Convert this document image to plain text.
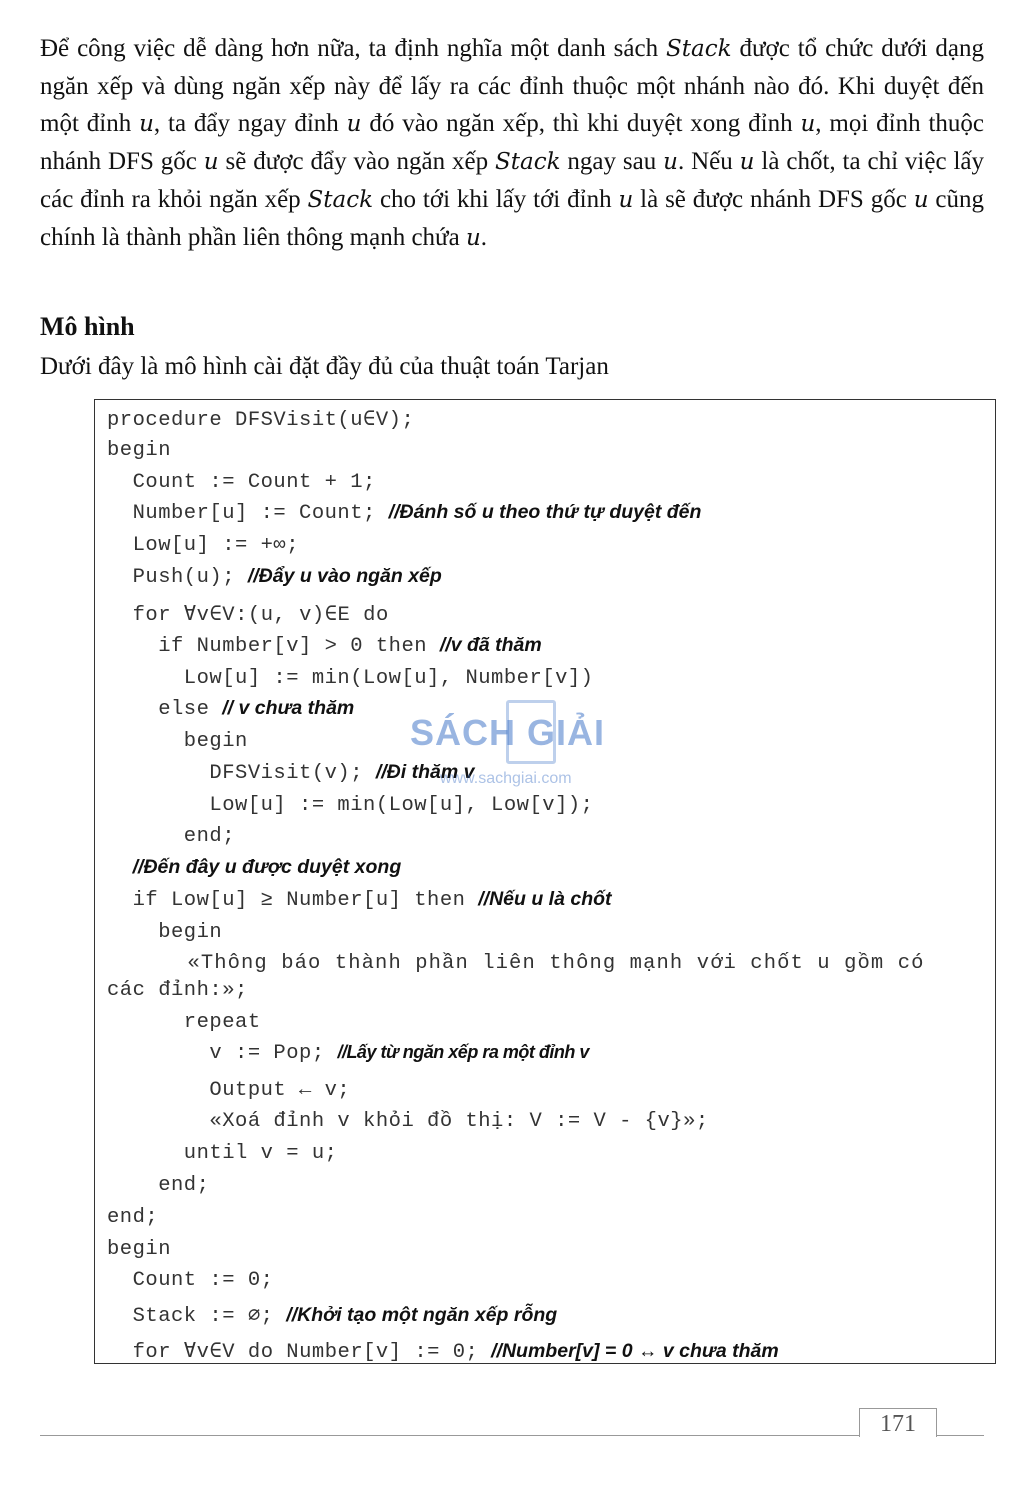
Để công việc dễ dàng hơn nữa, ta định nghĩa một danh sách Stack được tổ chức dưới dạng ngăn xếp và dùng ngăn xếp này để lấy ra các đỉnh thuộc một nhánh nào đó. Khi duyệt đến một đỉnh u, ta đẩy ngay đỉnh u đó vào ngăn xếp, thì khi duyệt xong đỉnh u, mọi đỉnh thuộc nhánh DFS gốc u sẽ được đẩy vào ngăn xếp Stack ngay sau u. Nếu u là chốt, ta chỉ việc lấy các đỉnh ra khỏi ngăn xếp Stack cho tới khi lấy tới đỉnh u là sẽ được nhánh DFS gốc u cũng chính là thành phần liên thông mạnh chứa u.

Mô hình

Dưới đây là mô hình cài đặt đầy đủ của thuật toán Tarjan

procedure DFSVisit(u∈V);
begin
Count := Count + 1;
Number[u] := Count; //Đánh số u theo thứ tự duyệt đến
Low[u] := +∞;
Push(u); //Đẩy u vào ngăn xếp
for ∀v∈V:(u, v)∈E do
if Number[v] > 0 then //v đã thăm
Low[u] := min(Low[u], Number[v])
else // v chưa thăm
begin
DFSVisit(v); //Đi thăm v
Low[u] := min(Low[u], Low[v]);
end;
//Đến đây u được duyệt xong
if Low[u] ≥ Number[u] then //Nếu u là chốt
begin
«Thông báo thành phần liên thông mạnh với chốt u gồm có
các đỉnh:»;
repeat
v := Pop; //Lấy từ ngăn xếp ra một đỉnh v
Output ← v;
«Xoá đỉnh v khỏi đồ thị: V := V - {v}»;
until v = u;
end;
end;
begin
Count := 0;
Stack := ∅; //Khởi tạo một ngăn xếp rỗng
for ∀v∈V do Number[v] := 0; //Number[v] = 0 ↔ v chưa thăm
SÁCH GIẢI
www.sachgiai.com
171
